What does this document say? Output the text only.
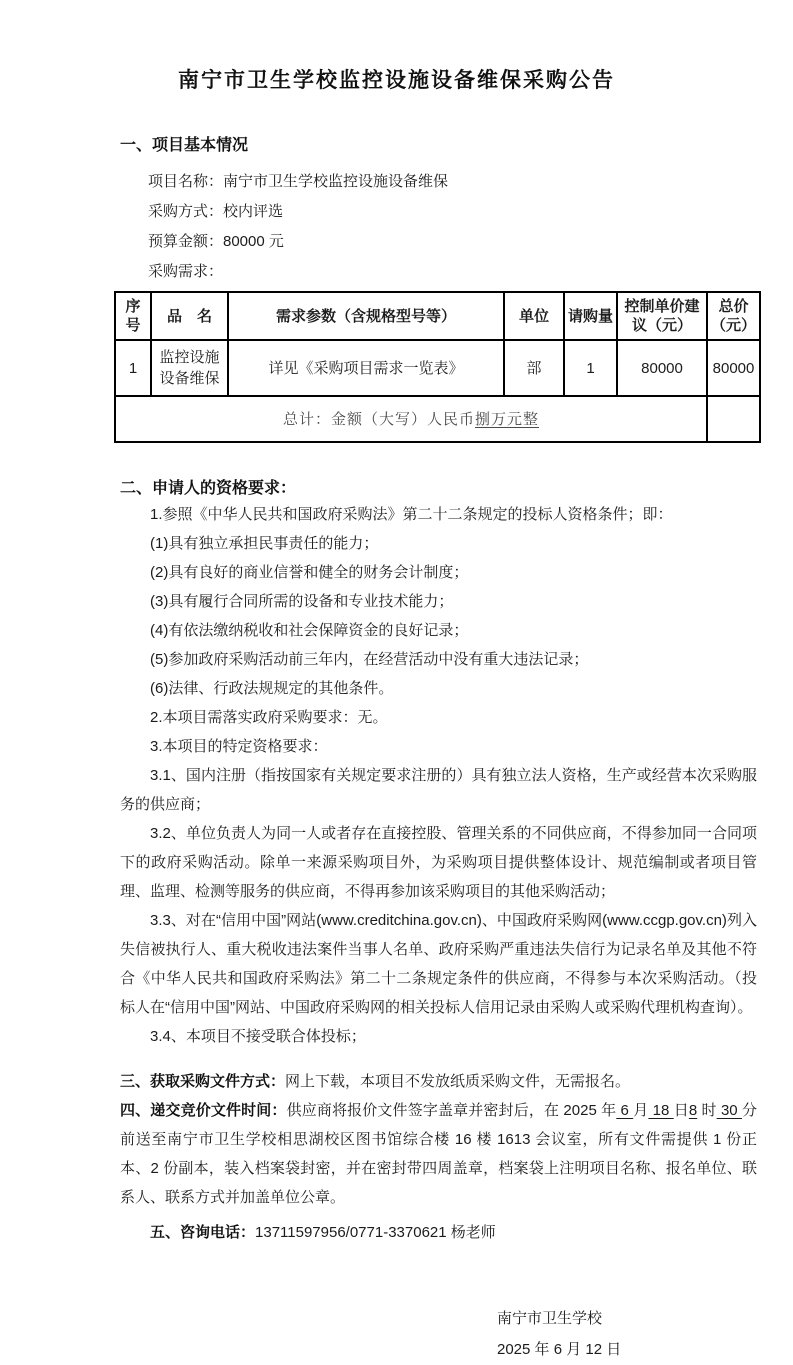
南宁市卫生学校监控设施设备维保采购公告
一、项目基本情况
项目名称：南宁市卫生学校监控设施设备维保
采购方式：校内评选
预算金额：80000 元
采购需求：
序号	品　名	需求参数（含规格型号等）	单位	请购量	控制单价建议（元）	总价（元）
1	监控设施设备维保	详见《采购项目需求一览表》	部	1	80000	80000
总计：金额（大写）人民币捌万元整						
二、申请人的资格要求：

1.参照《中华人民共和国政府采购法》第二十二条规定的投标人资格条件；即：

(1)具有独立承担民事责任的能力；

(2)具有良好的商业信誉和健全的财务会计制度；

(3)具有履行合同所需的设备和专业技术能力；

(4)有依法缴纳税收和社会保障资金的良好记录；

(5)参加政府采购活动前三年内，在经营活动中没有重大违法记录；

(6)法律、行政法规规定的其他条件。

2.本项目需落实政府采购要求：无。

3.本项目的特定资格要求：

3.1、国内注册（指按国家有关规定要求注册的）具有独立法人资格，生产或经营本次采购服务的供应商；

3.2、单位负责人为同一人或者存在直接控股、管理关系的不同供应商，不得参加同一合同项下的政府采购活动。除单一来源采购项目外，为采购项目提供整体设计、规范编制或者项目管理、监理、检测等服务的供应商，不得再参加该采购项目的其他采购活动；

3.3、对在“信用中国”网站(www.creditchina.gov.cn)、中国政府采购网(www.ccgp.gov.cn)列入失信被执行人、重大税收违法案件当事人名单、政府采购严重违法失信行为记录名单及其他不符合《中华人民共和国政府采购法》第二十二条规定条件的供应商，不得参与本次采购活动。（投标人在“信用中国”网站、中国政府采购网的相关投标人信用记录由采购人或采购代理机构查询）。

3.4、本项目不接受联合体投标；

三、获取采购文件方式：网上下载，本项目不发放纸质采购文件，无需报名。

四、递交竞价文件时间：供应商将报价文件签字盖章并密封后，在 2025 年 6 月 18 日8 时 30 分前送至南宁市卫生学校相思湖校区图书馆综合楼 16 楼 1613 会议室，所有文件需提供 1 份正本、2 份副本，装入档案袋封密，并在密封带四周盖章，档案袋上注明项目名称、报名单位、联系人、联系方式并加盖单位公章。

五、咨询电话：13711597956/0771-3370621 杨老师

南宁市卫生学校
2025 年 6 月 12 日
